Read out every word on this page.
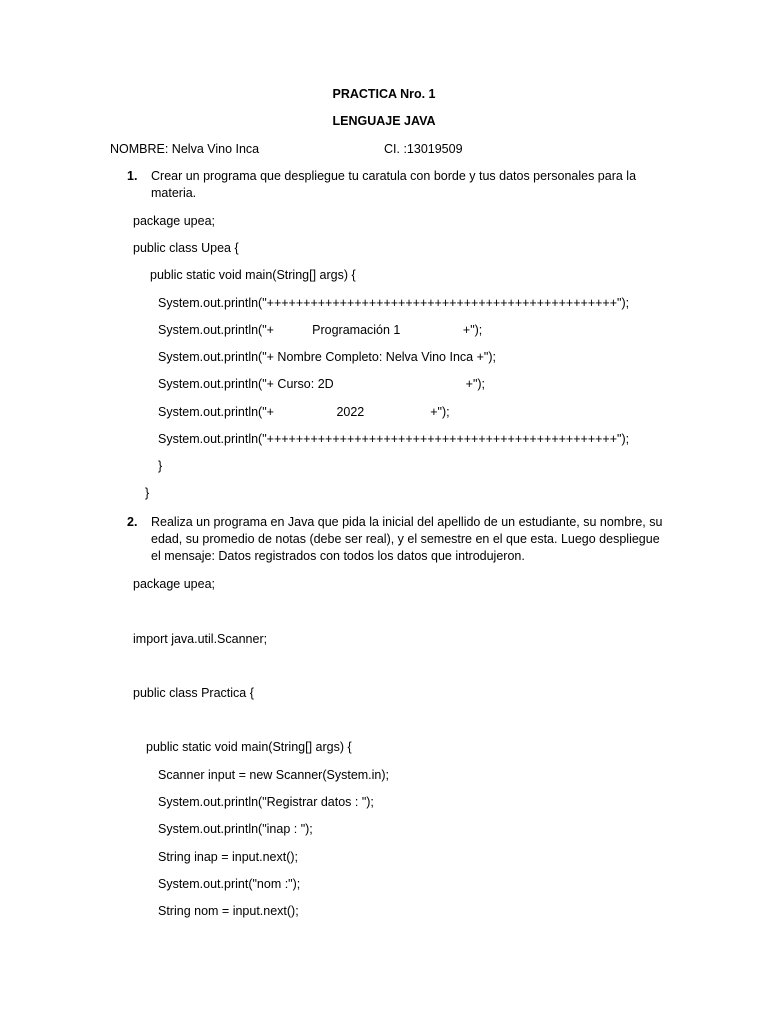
PRACTICA Nro. 1
LENGUAJE JAVA
NOMBRE: Nelva Vino Inca	CI. :13019509
1. Crear un programa que despliegue tu caratula con borde y tus datos personales para la materia.
package upea;
public class Upea {
public static void main(String[] args) {
System.out.println("++++++++++++++++++++++++++++++++++++++++++++++++");
System.out.println("+           Programación 1                  +");
System.out.println("+ Nombre Completo: Nelva Vino Inca +");
System.out.println("+ Curso: 2D                                      +");
System.out.println("+                  2022                   +");
System.out.println("++++++++++++++++++++++++++++++++++++++++++++++++");
}
}
2. Realiza un programa en Java que pida la inicial del apellido de un estudiante, su nombre, su edad, su promedio de notas (debe ser real), y el semestre en el que esta. Luego despliegue el mensaje: Datos registrados con todos los datos que introdujeron.
package upea;
import java.util.Scanner;
public class Practica {
public static void main(String[] args) {
Scanner input = new Scanner(System.in);
System.out.println("Registrar datos : ");
System.out.println("inap : ");
String inap = input.next();
System.out.print("nom :");
String nom = input.next();
